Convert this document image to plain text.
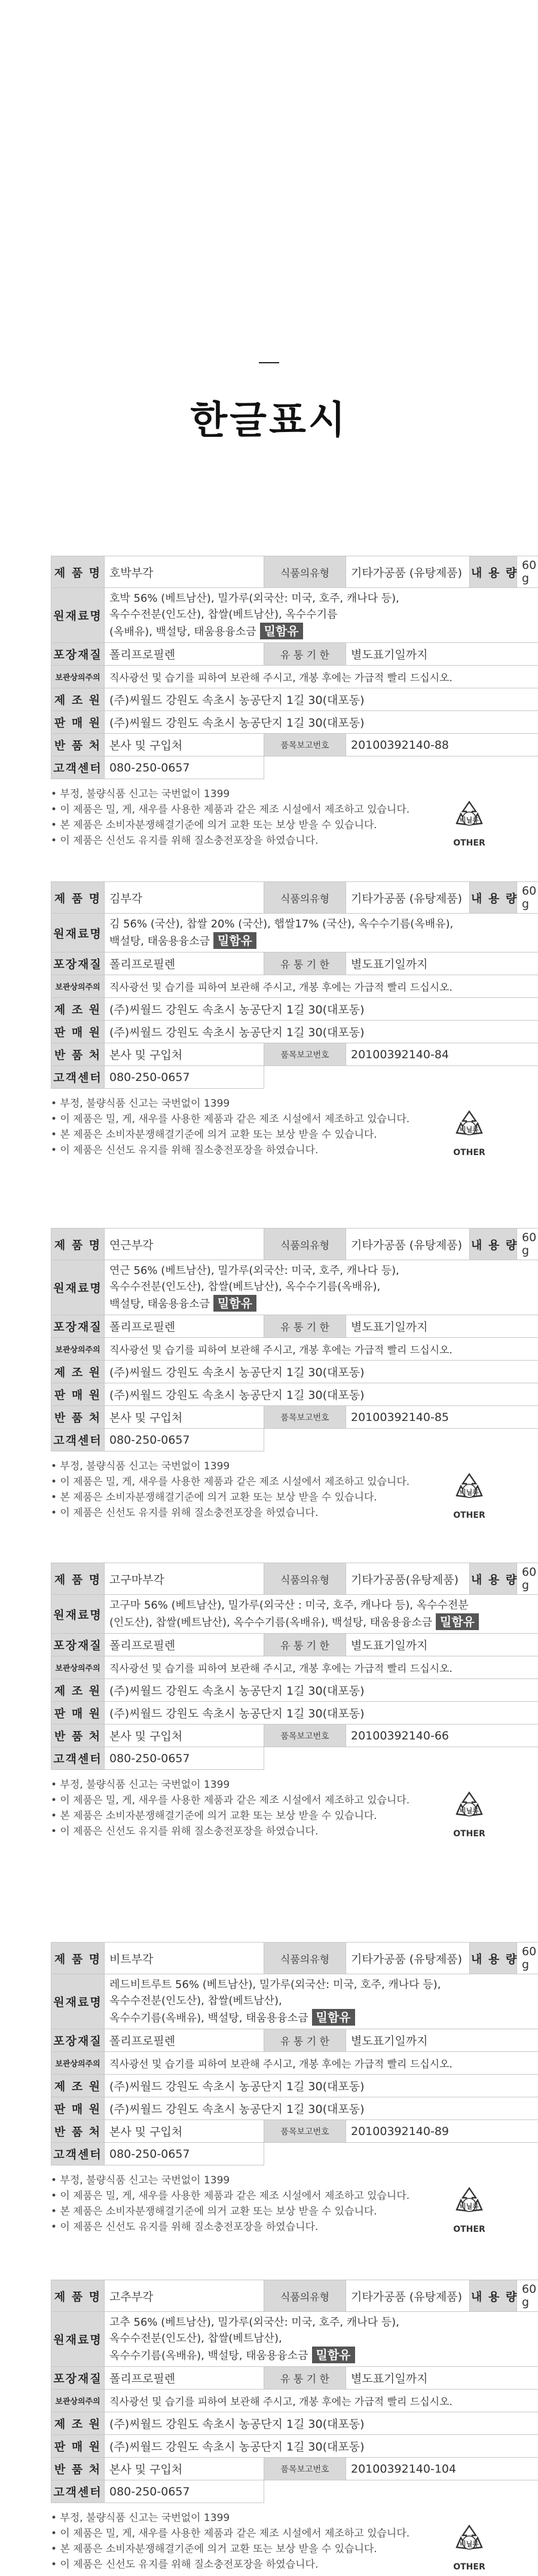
한글표시
제 품 명	호박부각	식품의유형	기타가공품 (유탕제품)	내 용 량	60 g
원재료명	호박 56% (베트남산), 밀가루(외국산: 미국, 호주, 캐나다 등),
옥수수전분(인도산), 찹쌀(베트남산), 옥수수기름
(옥배유), 백설탕, 태움용융소금 밀함유				

포장재질	폴리프로필렌	유 통 기 한	별도표기일까지		
보관상의주의	직사광선 및 습기를 피하여 보관해 주시고, 개봉 후에는 가급적 빨리 드십시오.				
제 조 원	(주)씨월드 강원도 속초시 농공단지 1길 30(대포동)				
판 매 원	(주)씨월드 강원도 속초시 농공단지 1길 30(대포동)				
반 품 처	본사 및 구입처	품목보고번호	20100392140-88		
고객센터	080-250-0657				
• 부정, 불량식품 신고는 국번없이 1399
• 이 제품은 밀, 게, 새우를 사용한 제품과 같은 제조 시설에서 제조하고 있습니다.
• 본 제품은 소비자분쟁해결기준에 의거 교환 또는 보상 받을 수 있습니다.
• 이 제품은 신선도 유지를 위해 질소충전포장을 하였습니다.
비닐류
OTHER
제 품 명	김부각	식품의유형	기타가공품 (유탕제품)	내 용 량	60 g
원재료명	김 56% (국산), 찹쌀 20% (국산), 햅쌀17% (국산), 옥수수기름(옥배유),
백설탕, 태움용융소금 밀함유				

포장재질	폴리프로필렌	유 통 기 한	별도표기일까지		
보관상의주의	직사광선 및 습기를 피하여 보관해 주시고, 개봉 후에는 가급적 빨리 드십시오.				
제 조 원	(주)씨월드 강원도 속초시 농공단지 1길 30(대포동)				
판 매 원	(주)씨월드 강원도 속초시 농공단지 1길 30(대포동)				
반 품 처	본사 및 구입처	품목보고번호	20100392140-84		
고객센터	080-250-0657				
• 부정, 불량식품 신고는 국번없이 1399
• 이 제품은 밀, 게, 새우를 사용한 제품과 같은 제조 시설에서 제조하고 있습니다.
• 본 제품은 소비자분쟁해결기준에 의거 교환 또는 보상 받을 수 있습니다.
• 이 제품은 신선도 유지를 위해 질소충전포장을 하였습니다.
비닐류
OTHER
제 품 명	연근부각	식품의유형	기타가공품 (유탕제품)	내 용 량	60 g
원재료명	연근 56% (베트남산), 밀가루(외국산: 미국, 호주, 캐나다 등),
옥수수전분(인도산), 찹쌀(베트남산), 옥수수기름(옥배유),
백설탕, 태움용융소금 밀함유				

포장재질	폴리프로필렌	유 통 기 한	별도표기일까지		
보관상의주의	직사광선 및 습기를 피하여 보관해 주시고, 개봉 후에는 가급적 빨리 드십시오.				
제 조 원	(주)씨월드 강원도 속초시 농공단지 1길 30(대포동)				
판 매 원	(주)씨월드 강원도 속초시 농공단지 1길 30(대포동)				
반 품 처	본사 및 구입처	품목보고번호	20100392140-85		
고객센터	080-250-0657				
• 부정, 불량식품 신고는 국번없이 1399
• 이 제품은 밀, 게, 새우를 사용한 제품과 같은 제조 시설에서 제조하고 있습니다.
• 본 제품은 소비자분쟁해결기준에 의거 교환 또는 보상 받을 수 있습니다.
• 이 제품은 신선도 유지를 위해 질소충전포장을 하였습니다.
비닐류
OTHER
제 품 명	고구마부각	식품의유형	기타가공품(유탕제품)	내 용 량	60 g
원재료명	고구마 56% (베트남산), 밀가루(외국산 : 미국, 호주, 캐나다 등), 옥수수전분
(인도산), 찹쌀(베트남산), 옥수수기름(옥배유), 백설탕, 태움용융소금 밀함유				

포장재질	폴리프로필렌	유 통 기 한	별도표기일까지		
보관상의주의	직사광선 및 습기를 피하여 보관해 주시고, 개봉 후에는 가급적 빨리 드십시오.				
제 조 원	(주)씨월드 강원도 속초시 농공단지 1길 30(대포동)				
판 매 원	(주)씨월드 강원도 속초시 농공단지 1길 30(대포동)				
반 품 처	본사 및 구입처	품목보고번호	20100392140-66		
고객센터	080-250-0657				
• 부정, 불량식품 신고는 국번없이 1399
• 이 제품은 밀, 게, 새우를 사용한 제품과 같은 제조 시설에서 제조하고 있습니다.
• 본 제품은 소비자분쟁해결기준에 의거 교환 또는 보상 받을 수 있습니다.
• 이 제품은 신선도 유지를 위해 질소충전포장을 하였습니다.
비닐류
OTHER
제 품 명	비트부각	식품의유형	기타가공품 (유탕제품)	내 용 량	60 g
원재료명	레드비트루트 56% (베트남산), 밀가루(외국산: 미국, 호주, 캐나다 등),
옥수수전분(인도산), 찹쌀(베트남산),
옥수수기름(옥배유), 백설탕, 태움용융소금 밀함유				

포장재질	폴리프로필렌	유 통 기 한	별도표기일까지		
보관상의주의	직사광선 및 습기를 피하여 보관해 주시고, 개봉 후에는 가급적 빨리 드십시오.				
제 조 원	(주)씨월드 강원도 속초시 농공단지 1길 30(대포동)				
판 매 원	(주)씨월드 강원도 속초시 농공단지 1길 30(대포동)				
반 품 처	본사 및 구입처	품목보고번호	20100392140-89		
고객센터	080-250-0657				
• 부정, 불량식품 신고는 국번없이 1399
• 이 제품은 밀, 게, 새우를 사용한 제품과 같은 제조 시설에서 제조하고 있습니다.
• 본 제품은 소비자분쟁해결기준에 의거 교환 또는 보상 받을 수 있습니다.
• 이 제품은 신선도 유지를 위해 질소충전포장을 하였습니다.
비닐류
OTHER
제 품 명	고추부각	식품의유형	기타가공품 (유탕제품)	내 용 량	60 g
원재료명	고추 56% (베트남산), 밀가루(외국산: 미국, 호주, 캐나다 등),
옥수수전분(인도산), 찹쌀(베트남산),
옥수수기름(옥배유), 백설탕, 태움용융소금 밀함유				

포장재질	폴리프로필렌	유 통 기 한	별도표기일까지		
보관상의주의	직사광선 및 습기를 피하여 보관해 주시고, 개봉 후에는 가급적 빨리 드십시오.				
제 조 원	(주)씨월드 강원도 속초시 농공단지 1길 30(대포동)				
판 매 원	(주)씨월드 강원도 속초시 농공단지 1길 30(대포동)				
반 품 처	본사 및 구입처	품목보고번호	20100392140-104		
고객센터	080-250-0657				
• 부정, 불량식품 신고는 국번없이 1399
• 이 제품은 밀, 게, 새우를 사용한 제품과 같은 제조 시설에서 제조하고 있습니다.
• 본 제품은 소비자분쟁해결기준에 의거 교환 또는 보상 받을 수 있습니다.
• 이 제품은 신선도 유지를 위해 질소충전포장을 하였습니다.
비닐류
OTHER
